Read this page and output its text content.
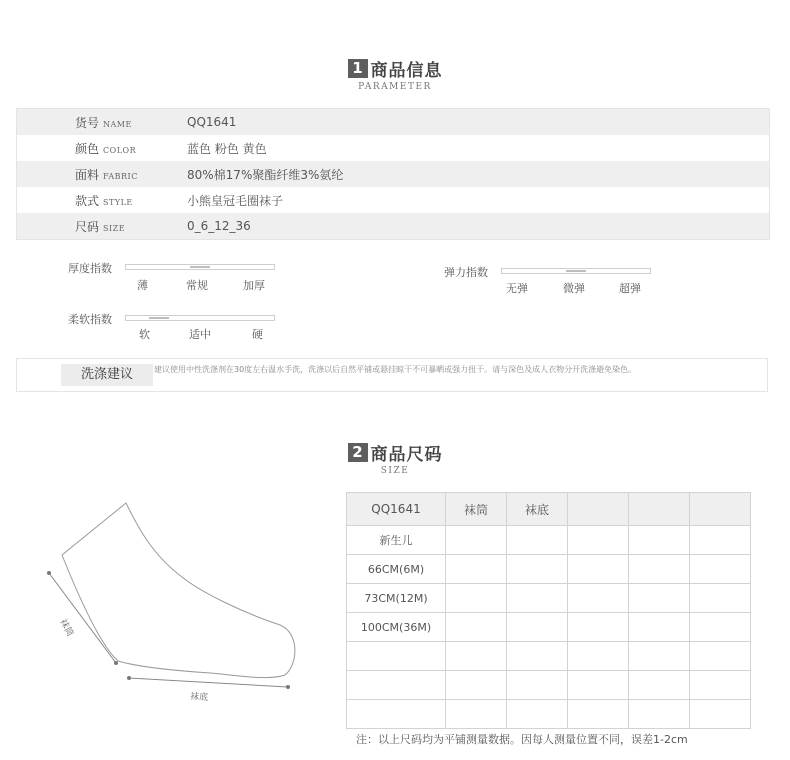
1 商品信息
PARAMETER
货号 NAME	QQ1641
颜色 COLOR	蓝色 粉色 黄色
面料 FABRIC	80%棉17%聚酯纤维3%氨纶
款式 STYLE	小熊皇冠毛圈袜子
尺码 SIZE	0_6_12_36
厚度指数
薄	常规	加厚
弹力指数
无弹	微弹	超弹
柔软指数
软	适中	硬
洗涤建议	建议使用中性洗涤剂在30度左右温水手洗，洗涤以后自然平铺或悬挂晾干不可暴晒或强力扭干。请与深色及成人衣物分开洗涤避免染色。
2 商品尺码
SIZE
袜筒
袜底
QQ1641	袜筒	袜底			
新生儿					
66CM(6M)					
73CM(12M)					
100CM(36M)					

注：以上尺码均为平铺测量数据。因每人测量位置不同，误差1-2cm
